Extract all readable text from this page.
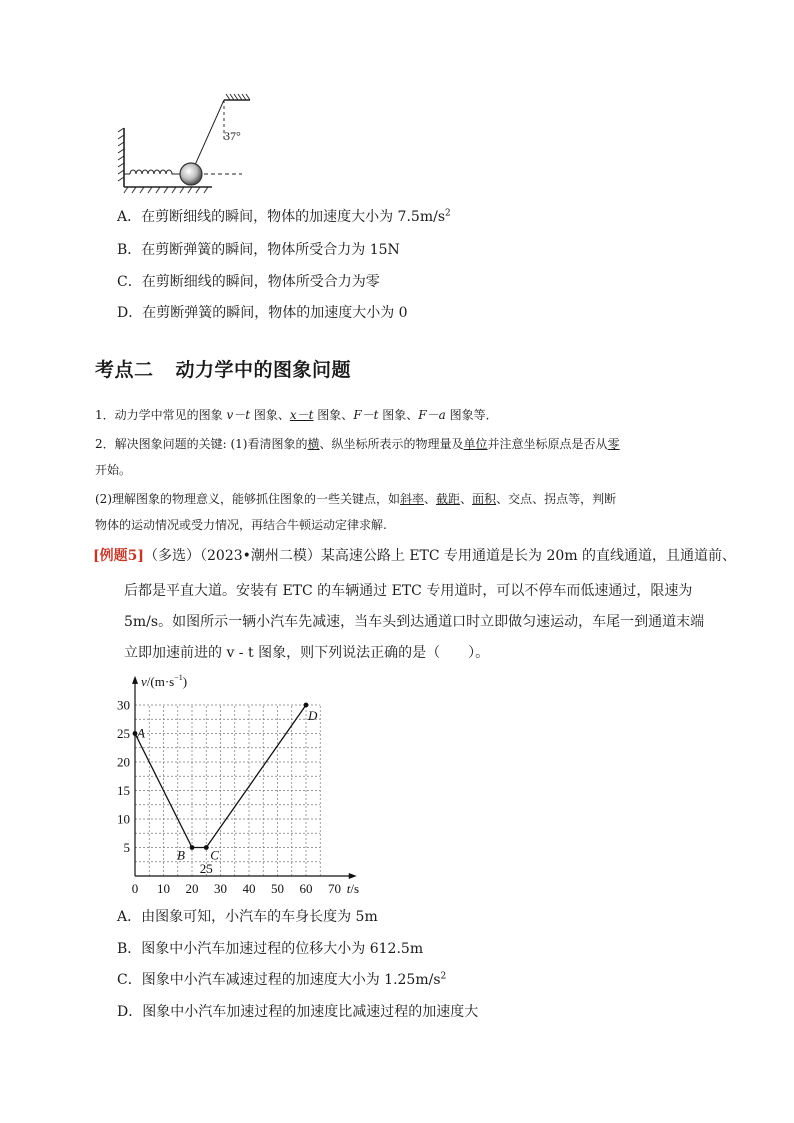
37°
A．在剪断细线的瞬间，物体的加速度大小为 $7.5m/s^2$
B．在剪断弹簧的瞬间，物体所受合力为 15N
C．在剪断细线的瞬间，物体所受合力为零
D．在剪断弹簧的瞬间，物体的加速度大小为 0
考点二 动力学中的图象问题
1．动力学中常见的图象 v－t 图象、x－t 图象、F－t 图象、F－a 图象等．
2．解决图象问题的关键: (1)看清图象的横、纵坐标所表示的物理量及单位并注意坐标原点是否从零
开始。
(2)理解图象的物理意义，能够抓住图象的一些关键点，如斜率、截距、面积、交点、拐点等，判断
物体的运动情况或受力情况，再结合牛顿运动定律求解.
[例题5]（多选）（2023•潮州二模）某高速公路上 ETC 专用通道是长为 20m 的直线通道，且通道前、
后都是平直大道。安装有 ETC 的车辆通过 ETC 专用道时，可以不停车而低速通过，限速为
5m/s。如图所示一辆小汽车先减速，当车头到达通道口时立即做匀速运动，车尾一到通道末端
立即加速前进的 v - t 图象，则下列说法正确的是（　　）。
$v/(m\cdot s^{-1})$
t/s
0 10 20 30 40 50 60 70
5
10
15
20
25
30
25
A
B C
D
A．由图象可知，小汽车的车身长度为 5m
B．图象中小汽车加速过程的位移大小为 612.5m
C．图象中小汽车减速过程的加速度大小为 $1.25m/s^2$
D．图象中小汽车加速过程的加速度比减速过程的加速度大
